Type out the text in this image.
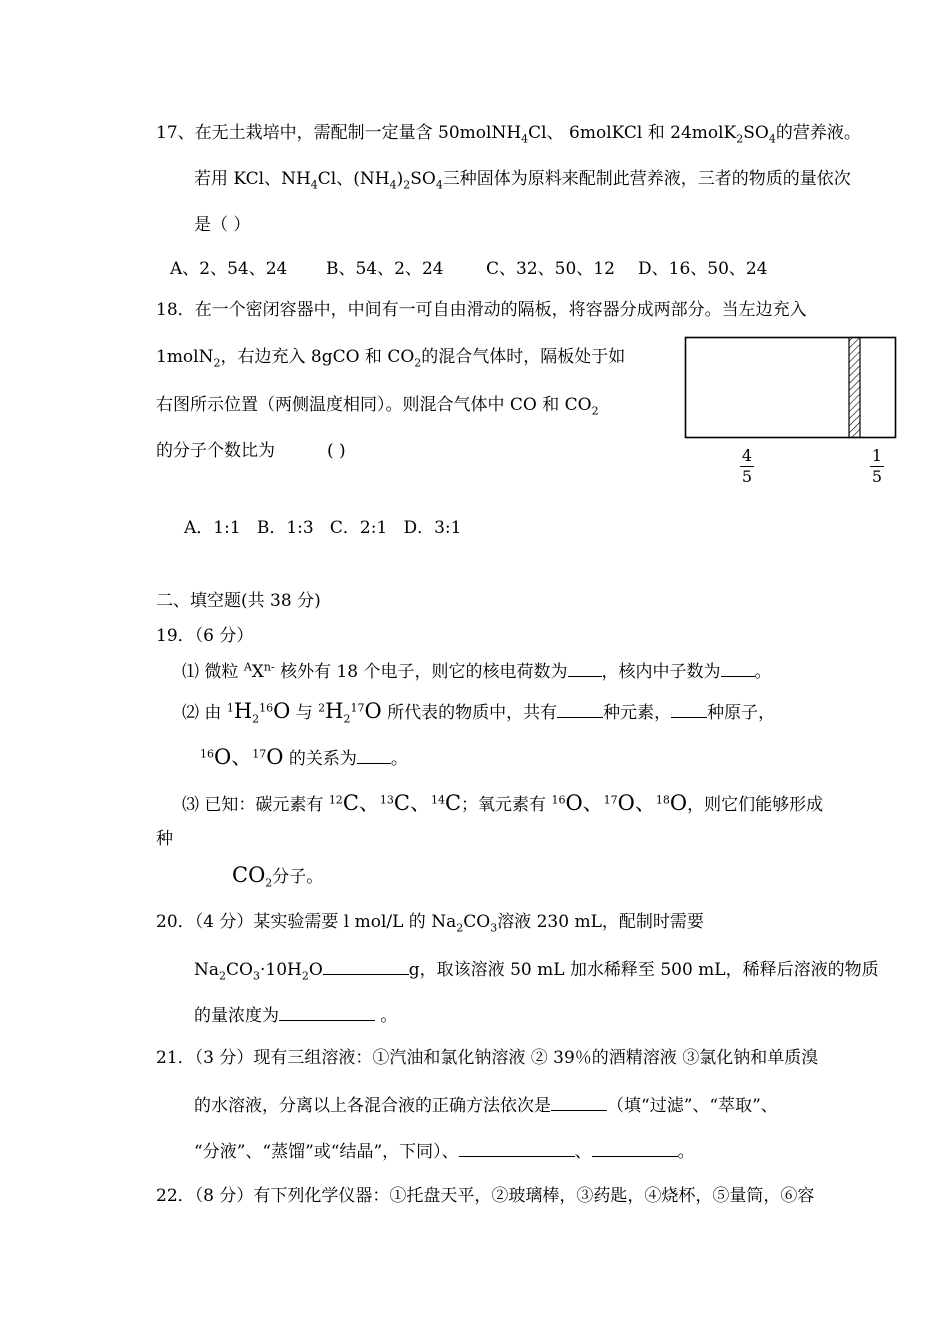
17、在无土栽培中，需配制一定量含 50molNH$_4$Cl、 6molKCl 和 $24molK_2SO_4$的营养液。
若用 KCl、$NH_4Cl$、$(NH_4)_2SO_4$三种固体为原料来配制此营养液，三者的物质的量依次
是（ ）
A、2、54、24 B、54、2、24 C、32、50、12 D、16、50、24
18．在一个密闭容器中，中间有一可自由滑动的隔板，将容器分成两部分。当左边充入
1molN$_2$，右边充入 8gCO 和 $CO_2$的混合气体时，隔板处于如
右图所示位置（两侧温度相同）。则混合气体中 CO 和 $CO_2$
的分子个数比为	( )	4
5
1
5
A．1:1   B．1:3   C．2:1   D．3:1
二、填空题(共 38 分)
19．（6 分）
⑴ 微粒 $^AX^{n-}$ 核外有 18 个电子，则它的核电荷数为 ，核内中子数为 。
⑵ 由 $^1H_2^{16}O$ 与 $^2H_2^{17}O$ 所代表的物质中，共有	种元素， 种原子，
$^{16}$O、$^{17}$O 的关系为 。
⑶ 已知：碳元素有 $^{12}$C、$^{13}$C、$^{14}$C；氧元素有 $^{16}$O、$^{17}$O、$^{18}$O，则它们能够形成
种
$CO_2$分子。
20．（4 分）某实验需要 l mol/L 的 $Na_2CO_3$溶液 230 mL，配制时需要
$Na_2CO_3\cdot 10H_2O$	g，取该溶液 50 mL 加水稀释至 500 mL，稀释后溶液的物质
的量浓度为	。
21．（3 分）现有三组溶液：①汽油和氯化钠溶液 ② 39％的酒精溶液 ③氯化钠和单质溴
的水溶液，分离以上各混合液的正确方法依次是	（填“过滤”、“萃取”、
“分液”、“蒸馏”或“结晶”，下同）、	、	。
22．（8 分）有下列化学仪器：①托盘天平，②玻璃棒，③药匙，④烧杯，⑤量筒，⑥容
